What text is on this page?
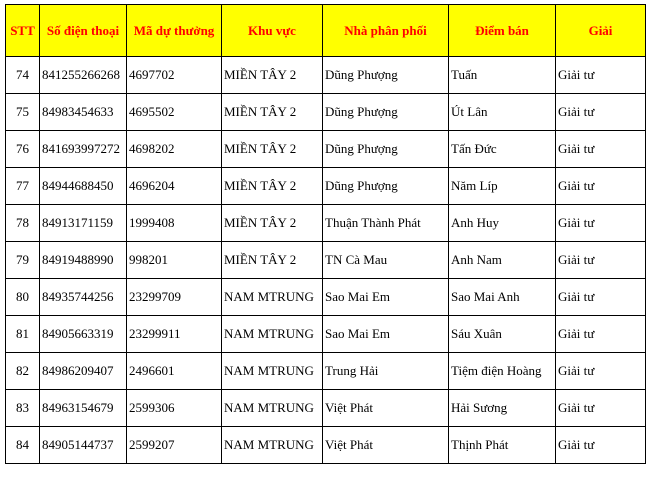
STT	Số điện thoại	Mã dự thưởng	Khu vực	Nhà phân phối	Điểm bán	Giải
74	841255266268	4697702	MIỀN TÂY 2	Dũng Phượng	Tuấn	Giải tư
75	84983454633	4695502	MIỀN TÂY 2	Dũng Phượng	Út Lân	Giải tư
76	841693997272	4698202	MIỀN TÂY 2	Dũng Phượng	Tấn Đức	Giải tư
77	84944688450	4696204	MIỀN TÂY 2	Dũng Phượng	Năm Líp	Giải tư
78	84913171159	1999408	MIỀN TÂY 2	Thuận Thành Phát	Anh Huy	Giải tư
79	84919488990	998201	MIỀN TÂY 2	TN Cà Mau	Anh Nam	Giải tư
80	84935744256	23299709	NAM MTRUNG	Sao Mai Em	Sao Mai Anh	Giải tư
81	84905663319	23299911	NAM MTRUNG	Sao Mai Em	Sáu Xuân	Giải tư
82	84986209407	2496601	NAM MTRUNG	Trung Hải	Tiệm điện Hoàng	Giải tư
83	84963154679	2599306	NAM MTRUNG	Việt Phát	Hải Sương	Giải tư
84	84905144737	2599207	NAM MTRUNG	Việt Phát	Thịnh Phát	Giải tư
